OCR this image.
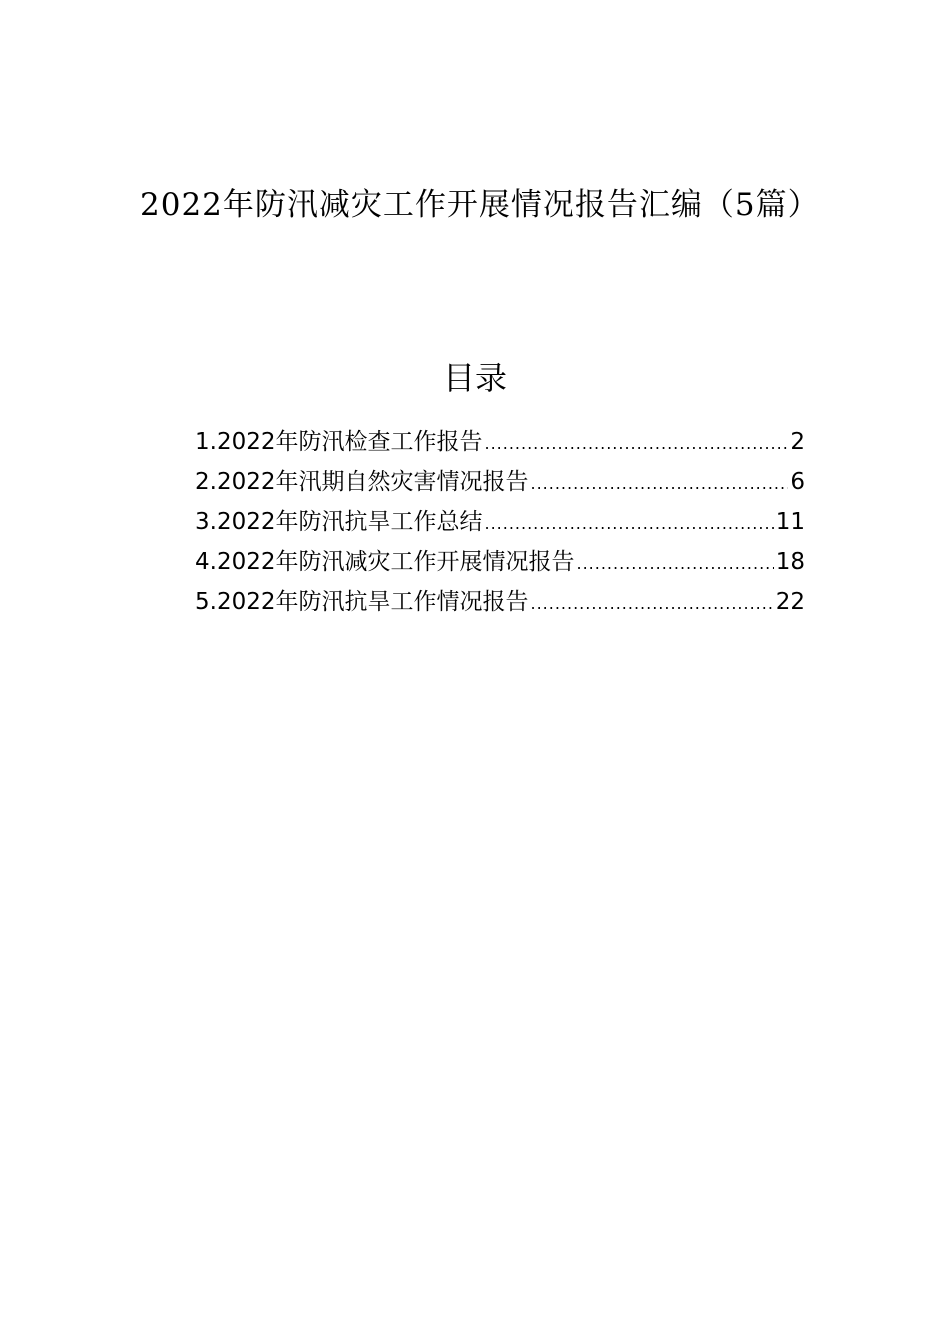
2022年防汛减灾工作开展情况报告汇编（5篇）
目录
1.2022年防汛检查工作报告 .....	2
2.2022年汛期自然灾害情况报告 .....	6
3.2022年防汛抗旱工作总结 .....	11
4.2022年防汛减灾工作开展情况报告 .....	18
5.2022年防汛抗旱工作情况报告 .....	22
